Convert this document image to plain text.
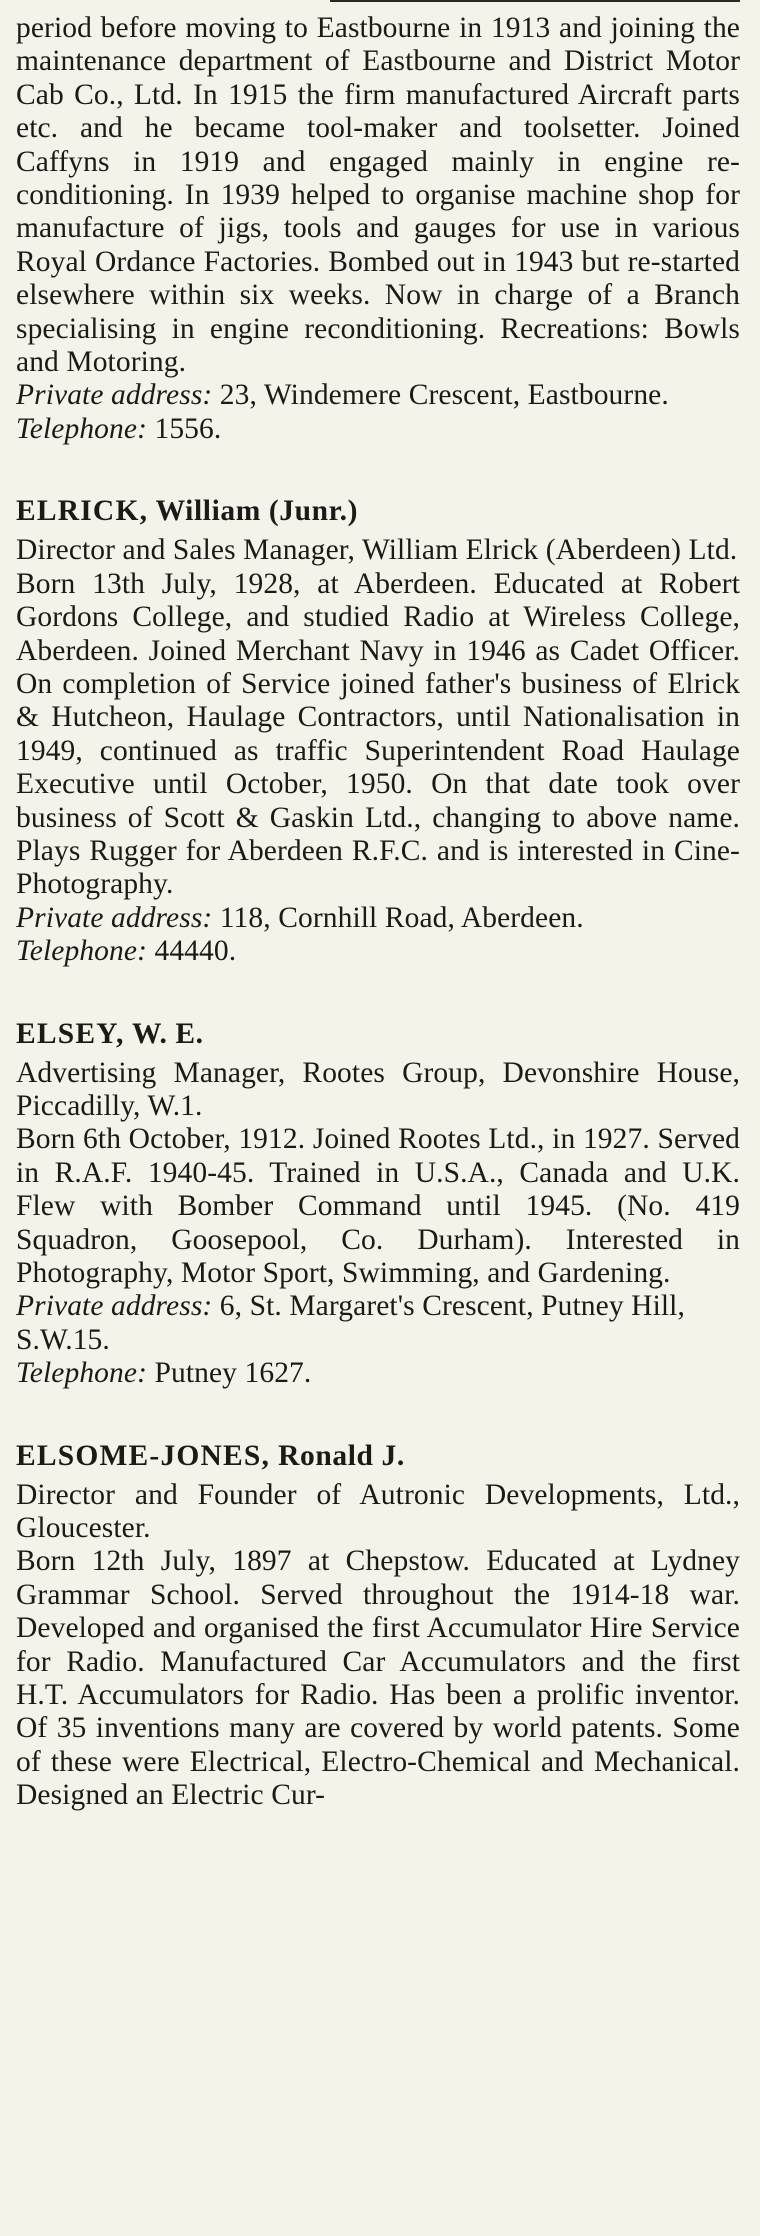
period before moving to Eastbourne in 1913 and joining the maintenance department of Eastbourne and District Motor Cab Co., Ltd. In 1915 the firm manufactured Aircraft parts etc. and he became tool-maker and toolsetter. Joined Caffyns in 1919 and engaged mainly in engine re-conditioning. In 1939 helped to organise machine shop for manufacture of jigs, tools and gauges for use in various Royal Ordance Factories. Bombed out in 1943 but re-started elsewhere within six weeks. Now in charge of a Branch specialising in engine reconditioning. Recreations: Bowls and Motoring.

Private address: 23, Windemere Crescent, Eastbourne. Telephone: 1556.

ELRICK, William (Junr.)

Director and Sales Manager, William Elrick (Aberdeen) Ltd.

Born 13th July, 1928, at Aberdeen. Educated at Robert Gordons College, and studied Radio at Wireless College, Aberdeen. Joined Merchant Navy in 1946 as Cadet Officer. On completion of Service joined father's business of Elrick & Hutcheon, Haulage Contractors, until Nationalisation in 1949, continued as traffic Superintendent Road Haulage Executive until October, 1950. On that date took over business of Scott & Gaskin Ltd., changing to above name. Plays Rugger for Aberdeen R.F.C. and is interested in Cine-Photography.

Private address: 118, Cornhill Road, Aberdeen.

Telephone: 44440.

ELSEY, W. E.

Advertising Manager, Rootes Group, Devonshire House, Piccadilly, W.1.

Born 6th October, 1912. Joined Rootes Ltd., in 1927. Served in R.A.F. 1940-45. Trained in U.S.A., Canada and U.K. Flew with Bomber Command until 1945. (No. 419 Squadron, Goosepool, Co. Durham). Interested in Photography, Motor Sport, Swimming, and Gardening.

Private address: 6, St. Margaret's Crescent, Putney Hill, S.W.15.

Telephone: Putney 1627.

ELSOME-JONES, Ronald J.

Director and Founder of Autronic Developments, Ltd., Gloucester.

Born 12th July, 1897 at Chepstow. Educated at Lydney Grammar School. Served throughout the 1914-18 war. Developed and organised the first Accumulator Hire Service for Radio. Manufactured Car Accumulators and the first H.T. Accumulators for Radio. Has been a prolific inventor. Of 35 inventions many are covered by world patents. Some of these were Electrical, Electro-Chemical and Mechanical. Designed an Electric Cur-
